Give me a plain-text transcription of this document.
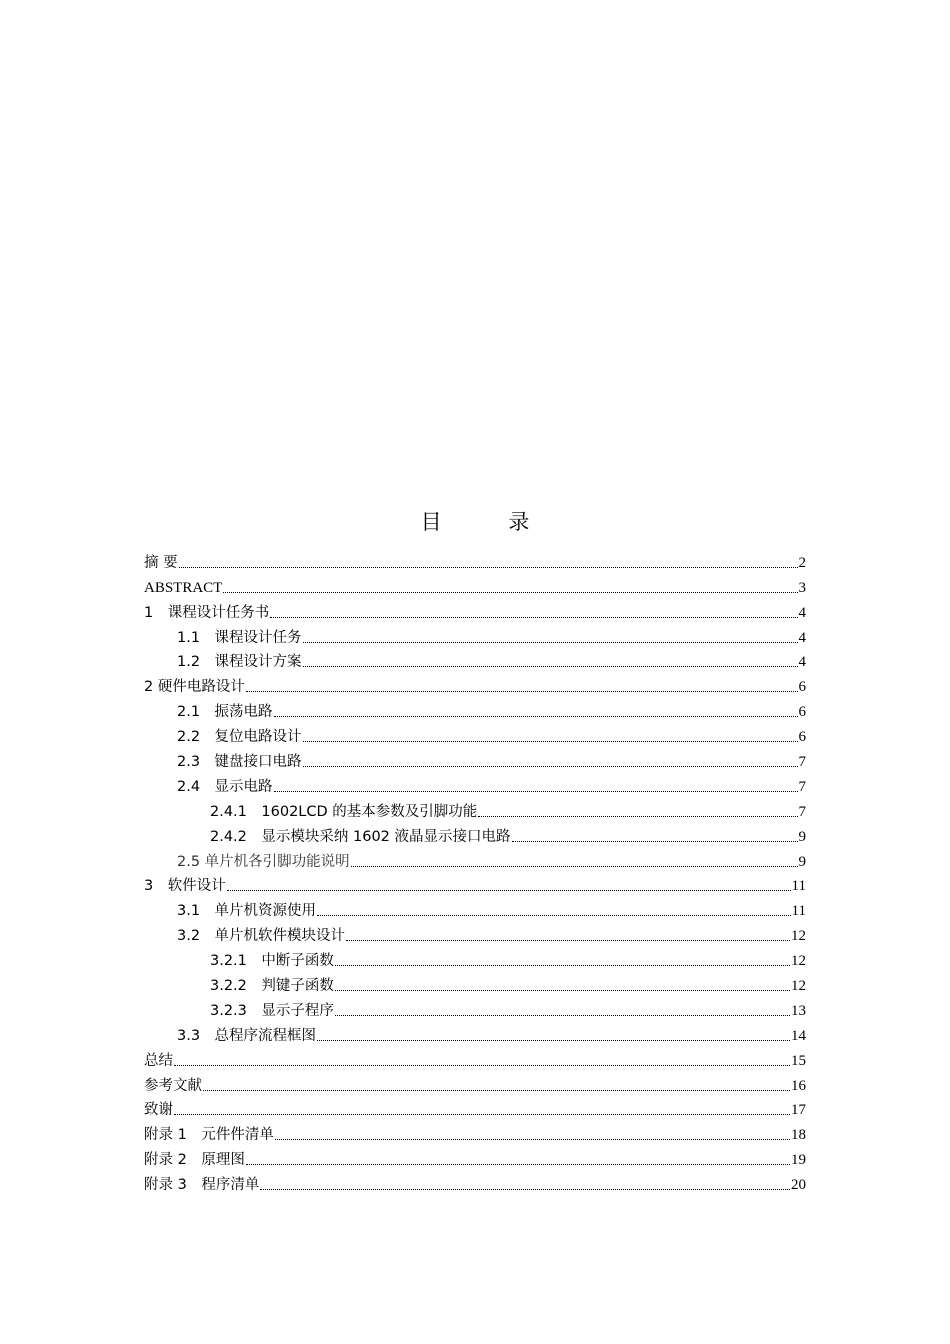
目 录
摘 要	2
ABSTRACT	3
1　课程设计任务书	4
1.1　课程设计任务	4
1.2　课程设计方案	4
2 硬件电路设计	6
2.1　振荡电路	6
2.2　复位电路设计	6
2.3　键盘接口电路	7
2.4　显示电路	7
2.4.1　1602LCD 的基本参数及引脚功能	7
2.4.2　显示模块采纳 1602 液晶显示接口电路	9
2.5 单片机各引脚功能说明	9
3　软件设计	11
3.1　单片机资源使用	11
3.2　单片机软件模块设计	12
3.2.1　中断子函数	12
3.2.2　判键子函数	12
3.2.3　显示子程序	13
3.3　总程序流程框图	14
总结	15
参考文献	16
致谢	17
附录 1　元件件清单	18
附录 2　原理图	19
附录 3　程序清单	20
